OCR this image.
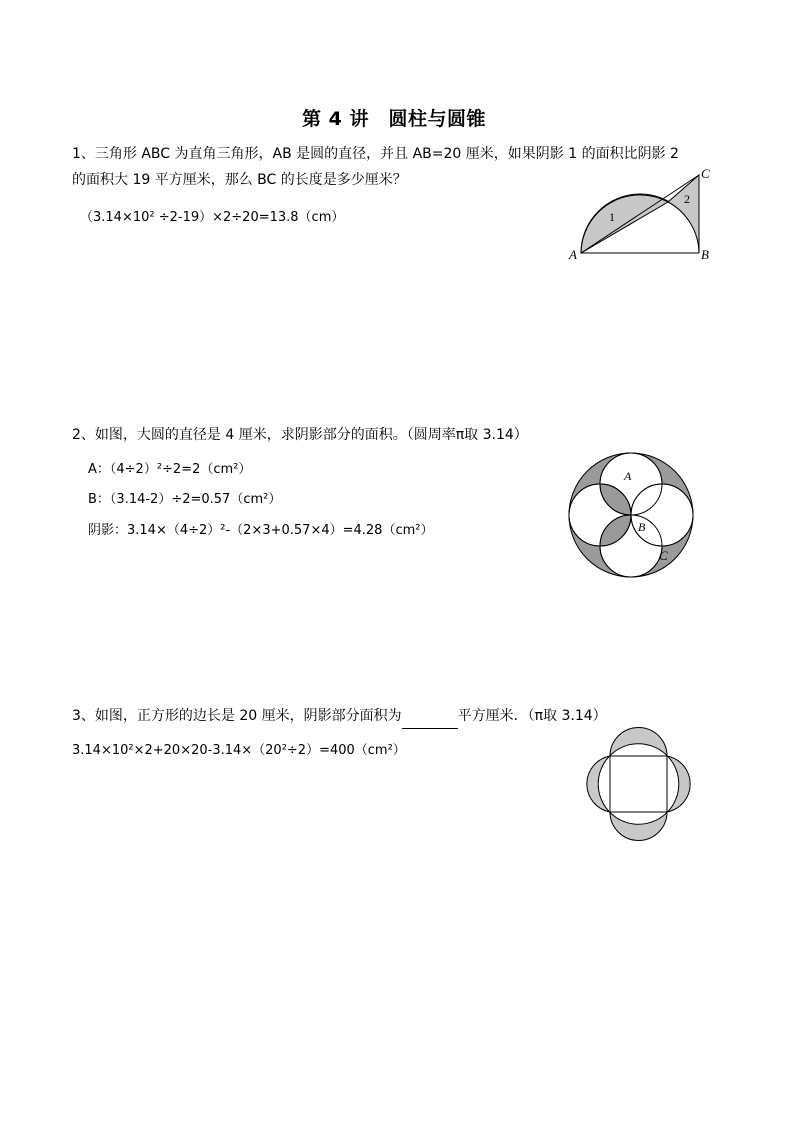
第 4 讲　圆柱与圆锥
1、三角形 ABC 为直角三角形，AB 是圆的直径，并且 AB=20 厘米，如果阴影 1 的面积比阴影 2
的面积大 19 平方厘米，那么 BC 的长度是多少厘米？
（3.14×10² ÷2-19）×2÷20=13.8（cm）
A	B
C
1
2
2、如图，大圆的直径是 4 厘米，求阴影部分的面积。（圆周率π取 3.14）
A：（4÷2）²÷2=2（cm²）
B：（3.14-2）÷2=0.57（cm²）
阴影：3.14×（4÷2）²-（2×3+0.57×4）=4.28（cm²）
A
B
C
3、如图，正方形的边长是 20 厘米，阴影部分面积为	平方厘米．（π取 3.14）
3.14×10²×2+20×20-3.14×（20²÷2）=400（cm²）
